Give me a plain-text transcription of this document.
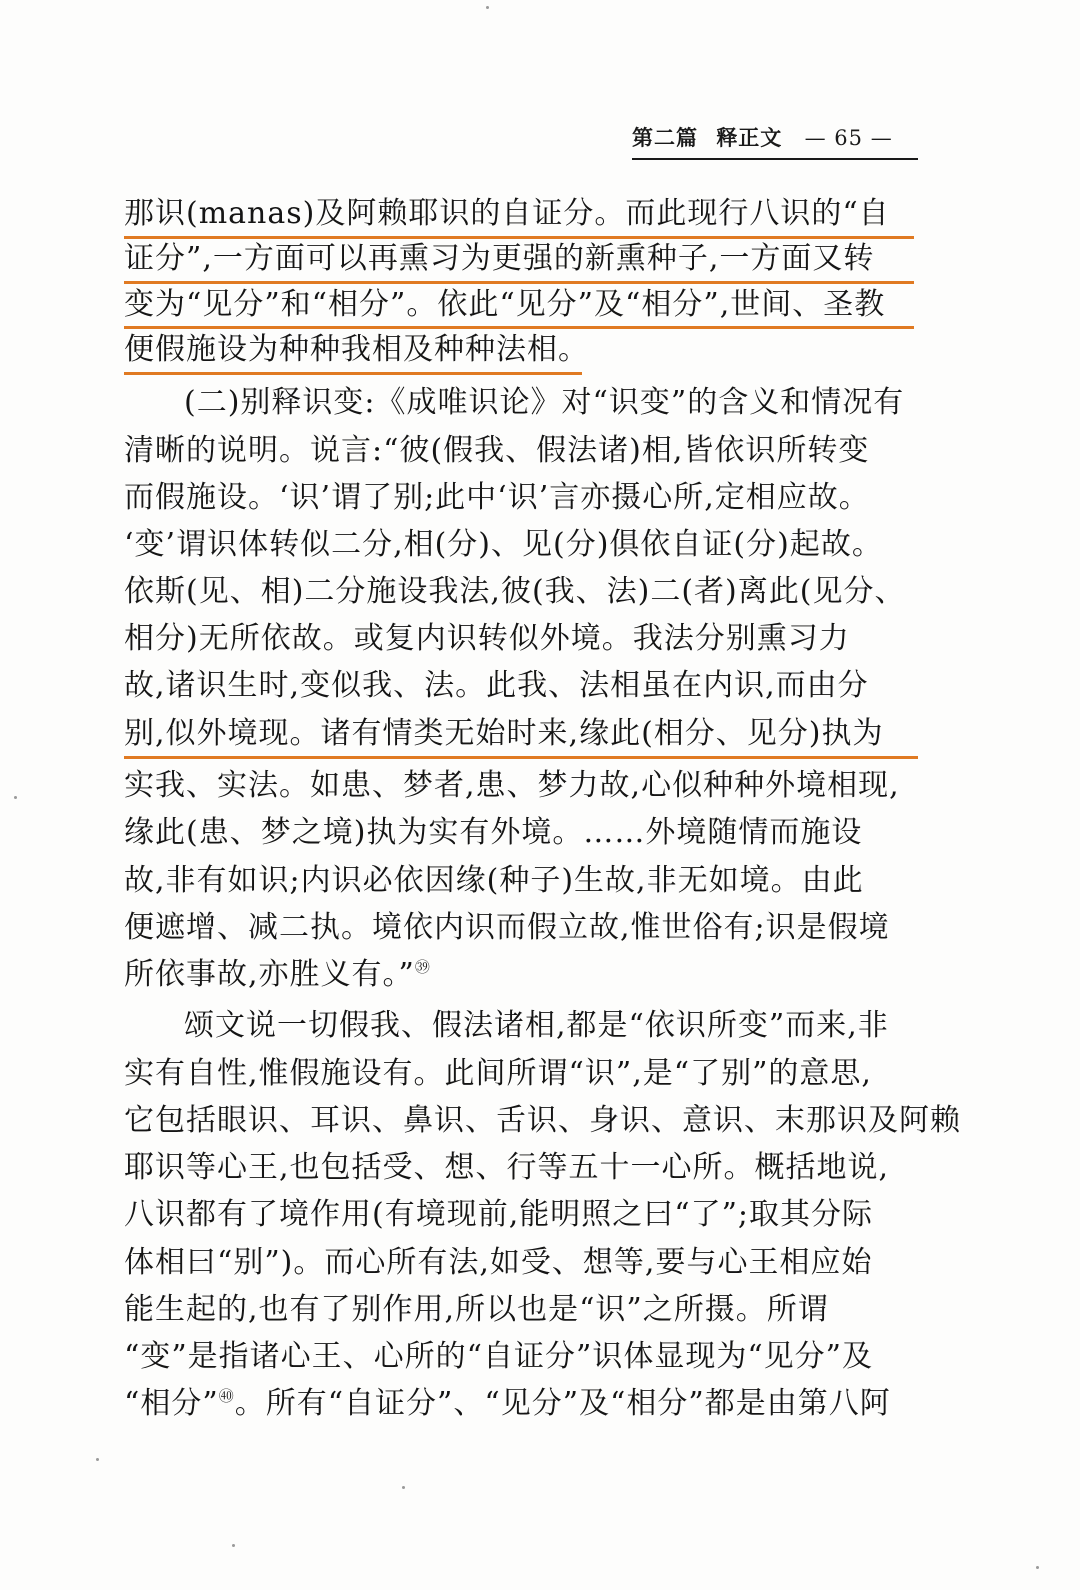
第二篇 释正文 — 65 —
那识(manas)及阿赖耶识的自证分。而此现行八识的“自
证分”,一方面可以再熏习为更强的新熏种子,一方面又转
变为“见分”和“相分”。依此“见分”及“相分”,世间、圣教
便假施设为种种我相及种种法相。
(二)别释识变:《成唯识论》对“识变”的含义和情况有
清晰的说明。说言:“彼(假我、假法诸)相,皆依识所转变
而假施设。‘识’谓了别;此中‘识’言亦摄心所,定相应故。
‘变’谓识体转似二分,相(分)、见(分)俱依自证(分)起故。
依斯(见、相)二分施设我法,彼(我、法)二(者)离此(见分、
相分)无所依故。或复内识转似外境。我法分别熏习力
故,诸识生时,变似我、法。此我、法相虽在内识,而由分
别,似外境现。诸有情类无始时来,缘此(相分、见分)执为
实我、实法。如患、梦者,患、梦力故,心似种种外境相现,
缘此(患、梦之境)执为实有外境。……外境随情而施设
故,非有如识;内识必依因缘(种子)生故,非无如境。由此
便遮增、减二执。境依内识而假立故,惟世俗有;识是假境
所依事故,亦胜义有。”$^㊴$
颂文说一切假我、假法诸相,都是“依识所变”而来,非
实有自性,惟假施设有。此间所谓“识”,是“了别”的意思,
它包括眼识、耳识、鼻识、舌识、身识、意识、末那识及阿赖
耶识等心王,也包括受、想、行等五十一心所。概括地说,
八识都有了境作用(有境现前,能明照之曰“了”;取其分际
体相曰“别”)。而心所有法,如受、想等,要与心王相应始
能生起的,也有了别作用,所以也是“识”之所摄。所谓
“变”是指诸心王、心所的“自证分”识体显现为“见分”及
“相分”$^㊵$。所有“自证分”、“见分”及“相分”都是由第八阿
